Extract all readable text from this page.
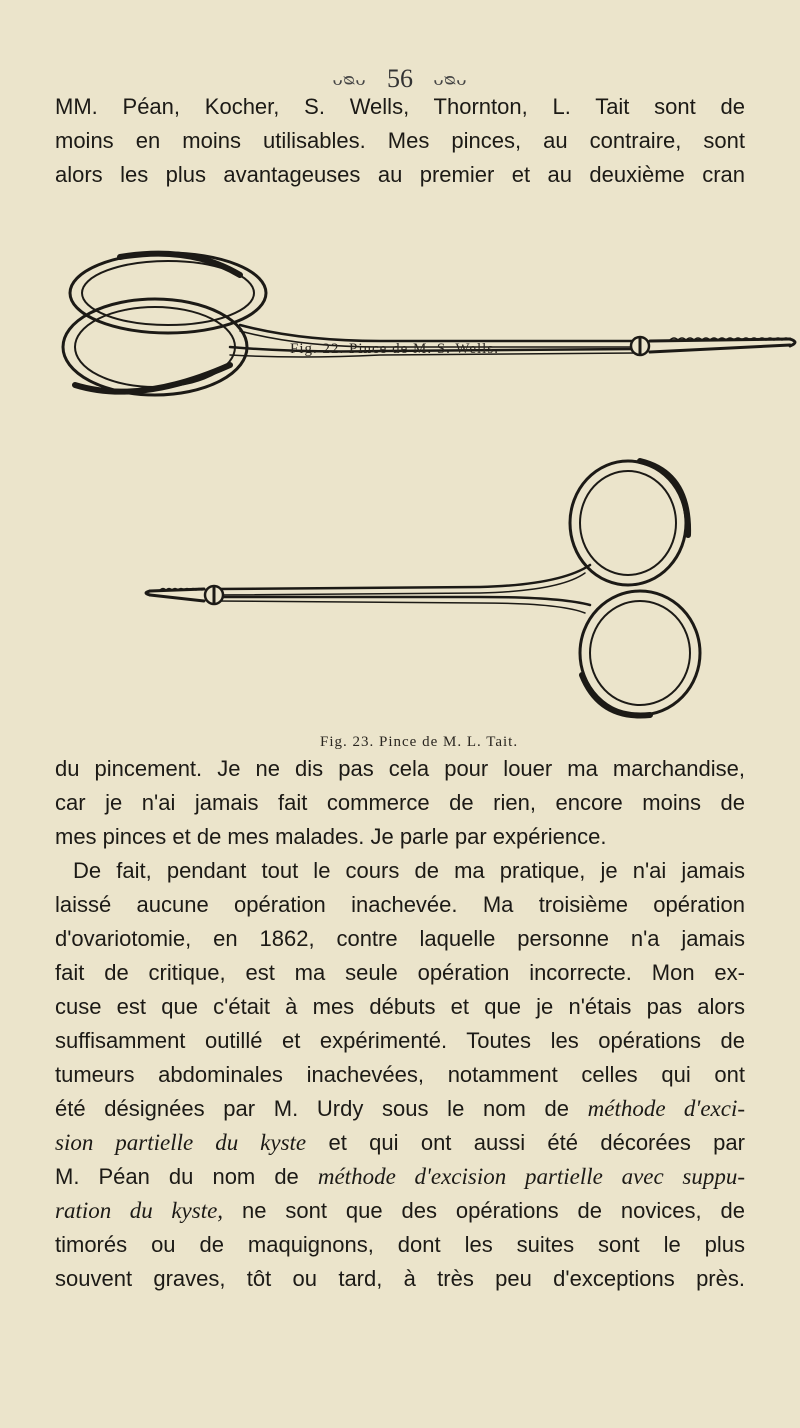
ᴗᴓᴗ 56 ᴗᴓᴗ
MM. Péan, Kocher, S. Wells, Thornton, L. Tait sont de
moins en moins utilisables. Mes pinces, au contraire, sont
alors les plus avantageuses au premier et au deuxième cran
Fig. 22. Pince de M. S. Wells.
Fig. 23. Pince de M. L. Tait.
du pincement. Je ne dis pas cela pour louer ma marchandise,
car je n'ai jamais fait commerce de rien, encore moins de
mes pinces et de mes malades. Je parle par expérience.
De fait, pendant tout le cours de ma pratique, je n'ai jamais
laissé aucune opération inachevée. Ma troisième opération
d'ovariotomie, en 1862, contre laquelle personne n'a jamais
fait de critique, est ma seule opération incorrecte. Mon ex-
cuse est que c'était à mes débuts et que je n'étais pas alors
suffisamment outillé et expérimenté. Toutes les opérations de
tumeurs abdominales inachevées, notamment celles qui ont
été désignées par M. Urdy sous le nom de méthode d'exci-
sion partielle du kyste et qui ont aussi été décorées par
M. Péan du nom de méthode d'excision partielle avec suppu-
ration du kyste, ne sont que des opérations de novices, de
timorés ou de maquignons, dont les suites sont le plus
souvent graves, tôt ou tard, à très peu d'exceptions près.
